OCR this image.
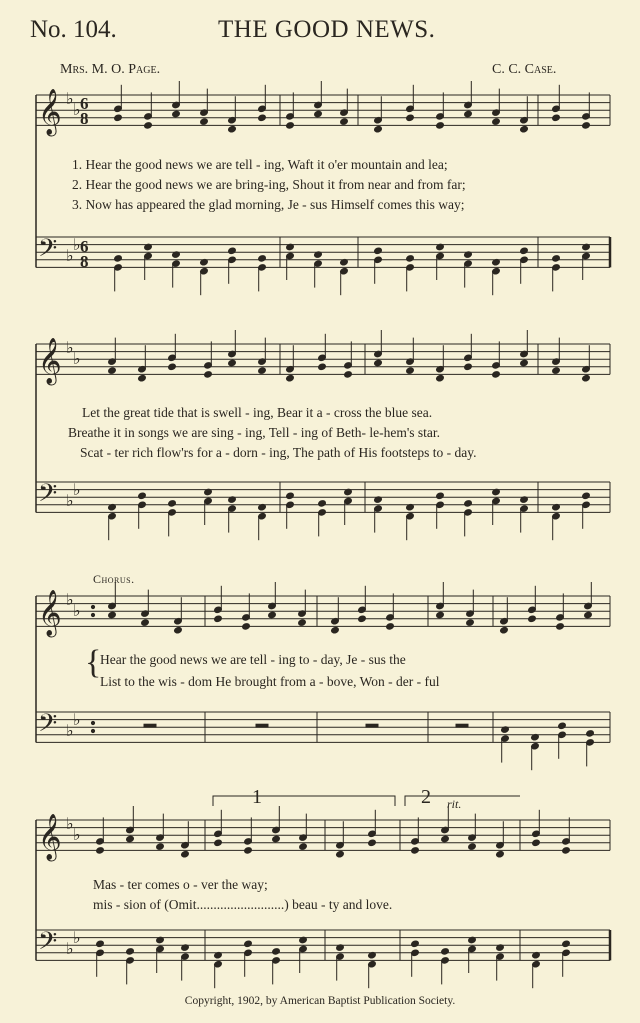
No. 104.	THE GOOD NEWS.
Mrs. M. O. Page.	C. C. Case.
𝄞 ♭
♭
𝄢 ♭
♭
𝄞 ♭
♭
𝄢 ♭
♭
𝄞 ♭
♭
𝄢 ♭
♭
𝄞 ♭
♭
𝄢 ♭
♭
6
8
6
8
1. Hear the good news we are tell - ing, Waft it o'er mountain and lea;
2. Hear the good news we are bring-ing, Shout it from near and from far;
3. Now has appeared the glad morning, Je - sus Himself comes this way;
Let the great tide that is swell - ing, Bear it a - cross the blue sea.
Breathe it in songs we are sing - ing, Tell - ing of Beth- le-hem's star.
Scat - ter rich flow'rs for a - dorn - ing, The path of His footsteps to - day.
Chorus.
{
Hear the good news we are tell - ing to - day, Je - sus the
List to the wis - dom He brought from a - bove, Won - der - ful
1	2 rit.
Mas - ter comes o - ver the way;
mis - sion of (Omit..........................) beau - ty and love.
Copyright, 1902, by American Baptist Publication Society.
